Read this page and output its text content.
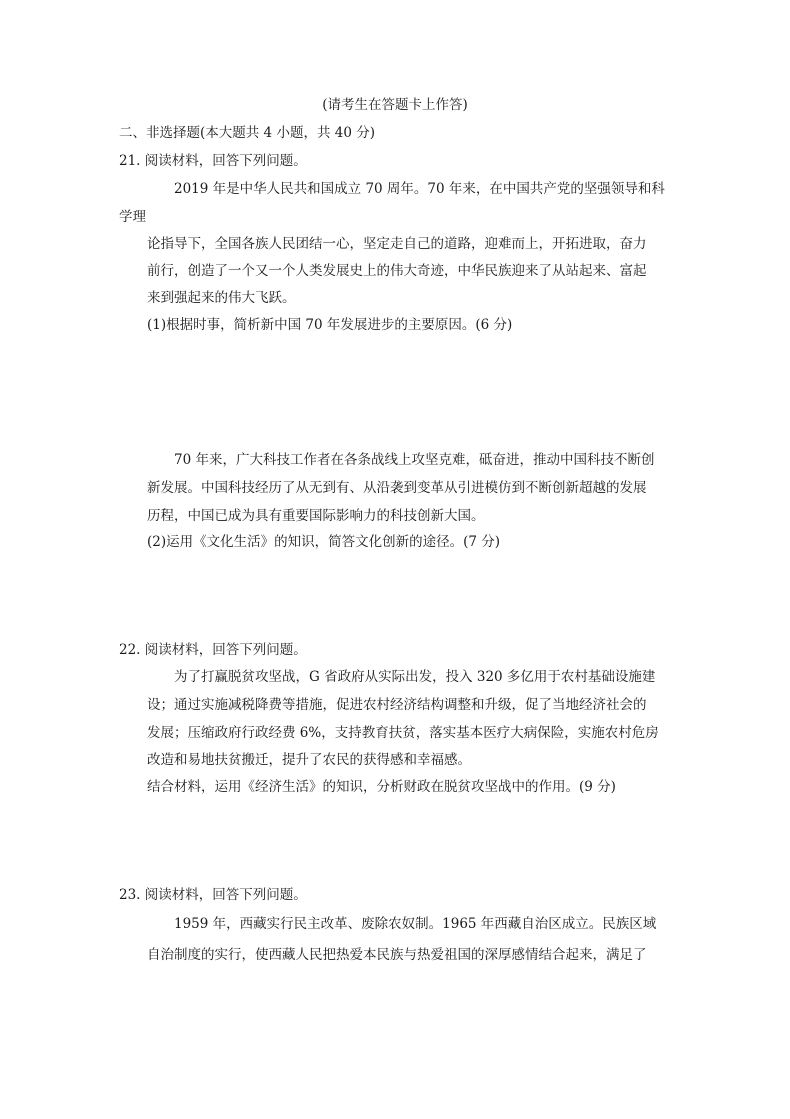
(请考生在答题卡上作答)
二、非选择题(本大题共 4 小题，共 40 分)
21. 阅读材料，回答下列问题。
2019 年是中华人民共和国成立 70 周年。70 年来，在中国共产党的坚强领导和科
学理
论指导下，全国各族人民团结一心，坚定走自己的道路，迎难而上，开拓进取，奋力
前行，创造了一个又一个人类发展史上的伟大奇迹，中华民族迎来了从站起来、富起
来到强起来的伟大飞跃。
(1)根据时事，简析新中国 70 年发展进步的主要原因。(6 分)
70 年来，广大科技工作者在各条战线上攻坚克难，砥奋进，推动中国科技不断创
新发展。中国科技经历了从无到有、从沿袭到变革从引进模仿到不断创新超越的发展
历程，中国已成为具有重要国际影响力的科技创新大国。
(2)运用《文化生活》的知识，简答文化创新的途径。(7 分)
22. 阅读材料，回答下列问题。
为了打赢脱贫攻坚战，G 省政府从实际出发，投入 320 多亿用于农村基础设施建
设；通过实施减税降费等措施，促进农村经济结构调整和升级，促了当地经济社会的
发展；压缩政府行政经费 6%，支持教育扶贫，落实基本医疗大病保险，实施农村危房
改造和易地扶贫搬迁，提升了农民的获得感和幸福感。
结合材料，运用《经济生活》的知识，分析财政在脱贫攻坚战中的作用。(9 分)
23. 阅读材料，回答下列问题。
1959 年，西藏实行民主改革、废除农奴制。1965 年西藏自治区成立。民族区域
自治制度的实行，使西藏人民把热爱本民族与热爱祖国的深厚感情结合起来，满足了
